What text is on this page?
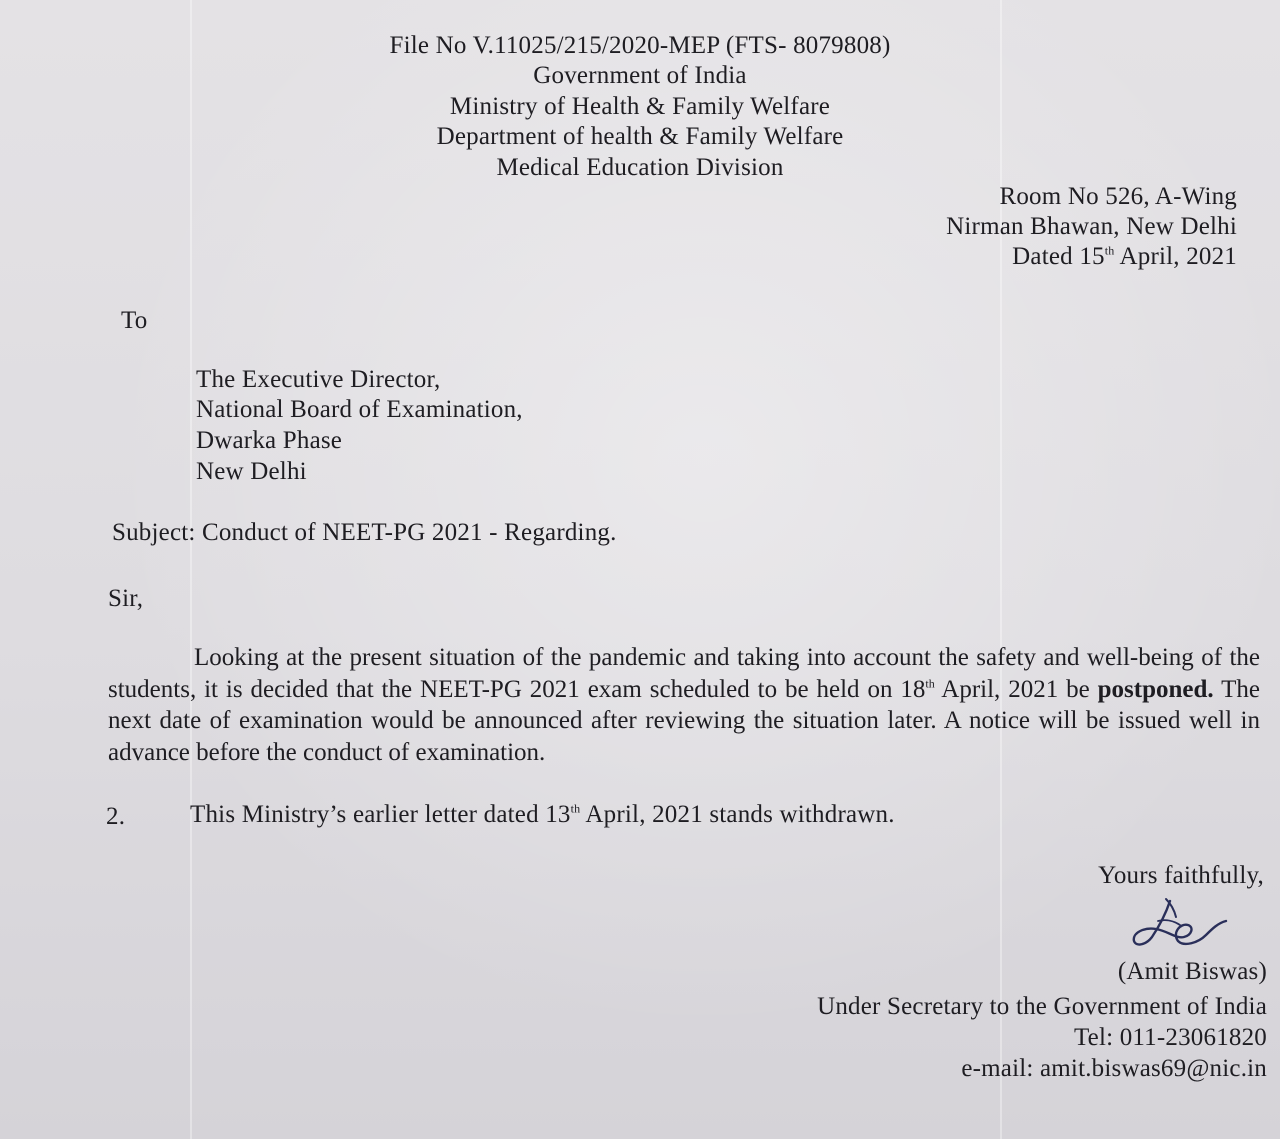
File No V.11025/215/2020-MEP (FTS- 8079808)
Government of India
Ministry of Health & Family Welfare
Department of health & Family Welfare
Medical Education Division
Room No 526, A-Wing
Nirman Bhawan, New Delhi
Dated 15th April, 2021
To
The Executive Director,
National Board of Examination,
Dwarka Phase
New Delhi
Subject: Conduct of NEET-PG 2021 - Regarding.
Sir,
Looking at the present situation of the pandemic and taking into account the safety and well-being of the students, it is decided that the NEET-PG 2021 exam scheduled to be held on 18th April, 2021 be postponed. The next date of examination would be announced after reviewing the situation later. A notice will be issued well in advance before the conduct of examination.
2.	This Ministry’s earlier letter dated 13th April, 2021 stands withdrawn.
Yours faithfully,
(Amit Biswas)
Under Secretary to the Government of India
Tel: 011-23061820
e-mail: amit.biswas69@nic.in
